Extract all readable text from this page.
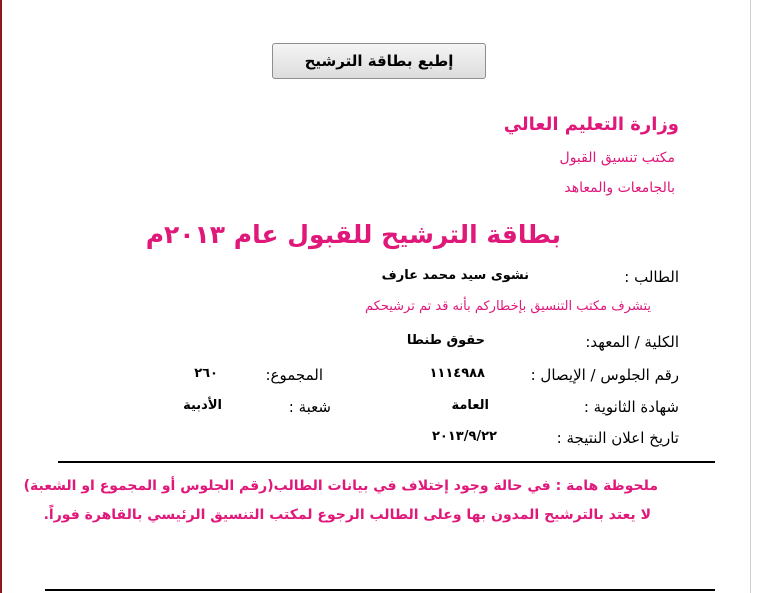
إطبع بطاقة الترشيح
وزارة التعليم العالي
مكتب تنسيق القبول
بالجامعات والمعاهد
بطاقة الترشيح للقبول عام ٢٠١٣م
الطالب :
نشوى سيد محمد عارف
يتشرف مكتب التنسيق بإخطاركم بأنه قد تم ترشيحكم
الكلية / المعهد:
حقوق طنطا
رقم الجلوس / الإيصال :
١١١٤٩٨٨
المجموع:
٢٦٠
شهادة الثانوية :
العامة
شعبة :
الأدبية
تاريخ اعلان النتيجة :
٢٠١٣/٩/٢٢
ملحوظة هامة : في حالة وجود إختلاف في بيانات الطالب(رقم الجلوس أو المجموع او الشعبة)
لا يعتد بالترشيح المدون بها وعلى الطالب الرجوع لمكتب التنسيق الرئيسي بالقاهرة فوراً.
